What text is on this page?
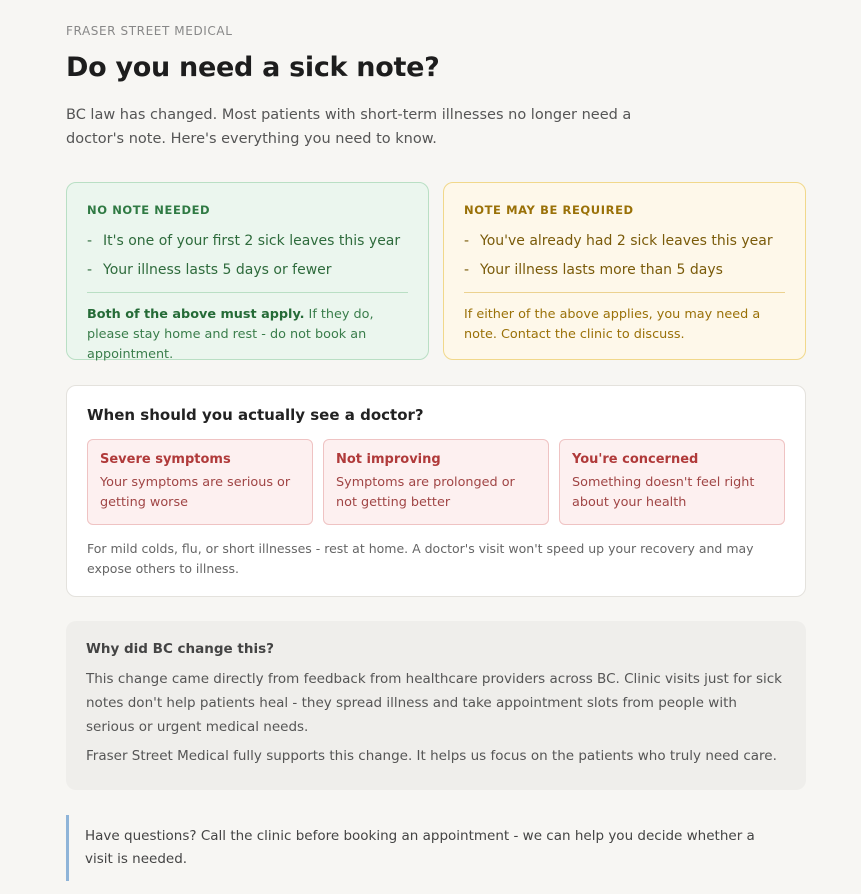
FRASER STREET MEDICAL
Do you need a sick note?

BC law has changed. Most patients with short-term illnesses no longer need a doctor's note. Here's everything you need to know.

NO NOTE NEEDED
- It's one of your first 2 sick leaves this year
- Your illness lasts 5 days or fewer

Both of the above must apply. If they do, please stay home and rest - do not book an appointment.

NOTE MAY BE REQUIRED
- You've already had 2 sick leaves this year
- Your illness lasts more than 5 days

If either of the above applies, you may need a note. Contact the clinic to discuss.

When should you actually see a doctor?
Severe symptoms
Your symptoms are serious or getting worse
Not improving
Symptoms are prolonged or not getting better
You're concerned
Something doesn't feel right about your health

For mild colds, flu, or short illnesses - rest at home. A doctor's visit won't speed up your recovery and may expose others to illness.

Why did BC change this?

This change came directly from feedback from healthcare providers across BC. Clinic visits just for sick notes don't help patients heal - they spread illness and take appointment slots from people with serious or urgent medical needs.

Fraser Street Medical fully supports this change. It helps us focus on the patients who truly need care.

Have questions? Call the clinic before booking an appointment - we can help you decide whether a visit is needed.
